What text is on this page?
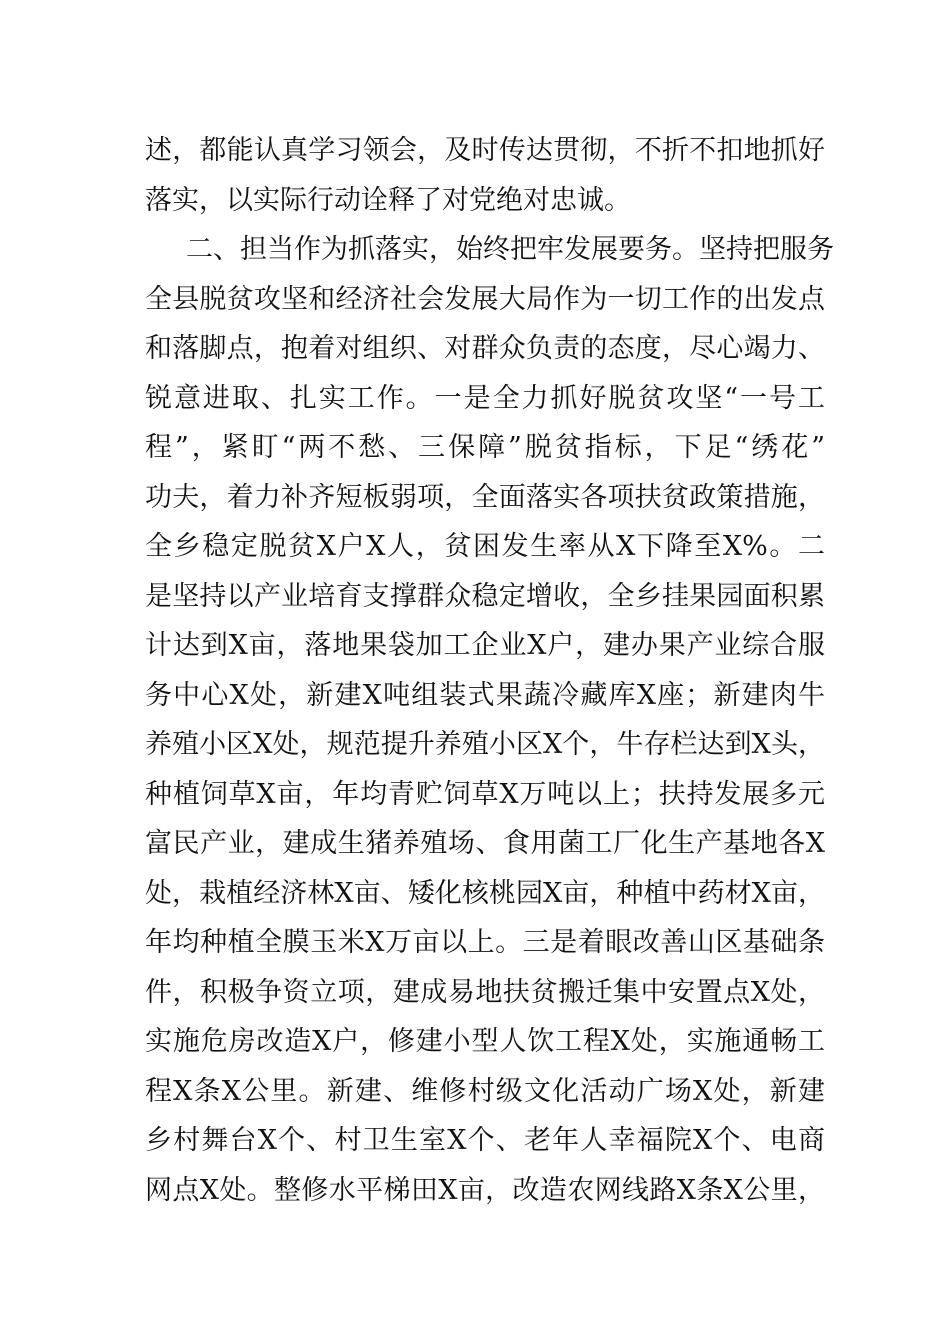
述，都能认真学习领会，及时传达贯彻，不折不扣地抓好
落实，以实际行动诠释了对党绝对忠诚。
二、担当作为抓落实，始终把牢发展要务。坚持把服务
全县脱贫攻坚和经济社会发展大局作为一切工作的出发点
和落脚点，抱着对组织、对群众负责的态度，尽心竭力、
锐意进取、扎实工作。一是全力抓好脱贫攻坚“一号工
程”，紧盯“两不愁、三保障”脱贫指标，下足“绣花”
功夫，着力补齐短板弱项，全面落实各项扶贫政策措施，
全乡稳定脱贫X户X人，贫困发生率从X下降至X%。二
是坚持以产业培育支撑群众稳定增收，全乡挂果园面积累
计达到X亩，落地果袋加工企业X户，建办果产业综合服
务中心X处，新建X吨组装式果蔬冷藏库X座；新建肉牛
养殖小区X处，规范提升养殖小区X个，牛存栏达到X头，
种植饲草X亩，年均青贮饲草X万吨以上；扶持发展多元
富民产业，建成生猪养殖场、食用菌工厂化生产基地各X
处，栽植经济林X亩、矮化核桃园X亩，种植中药材X亩，
年均种植全膜玉米X万亩以上。三是着眼改善山区基础条
件，积极争资立项，建成易地扶贫搬迁集中安置点X处，
实施危房改造X户，修建小型人饮工程X处，实施通畅工
程X条X公里。新建、维修村级文化活动广场X处，新建
乡村舞台X个、村卫生室X个、老年人幸福院X个、电商
网点X处。整修水平梯田X亩，改造农网线路X条X公里，
